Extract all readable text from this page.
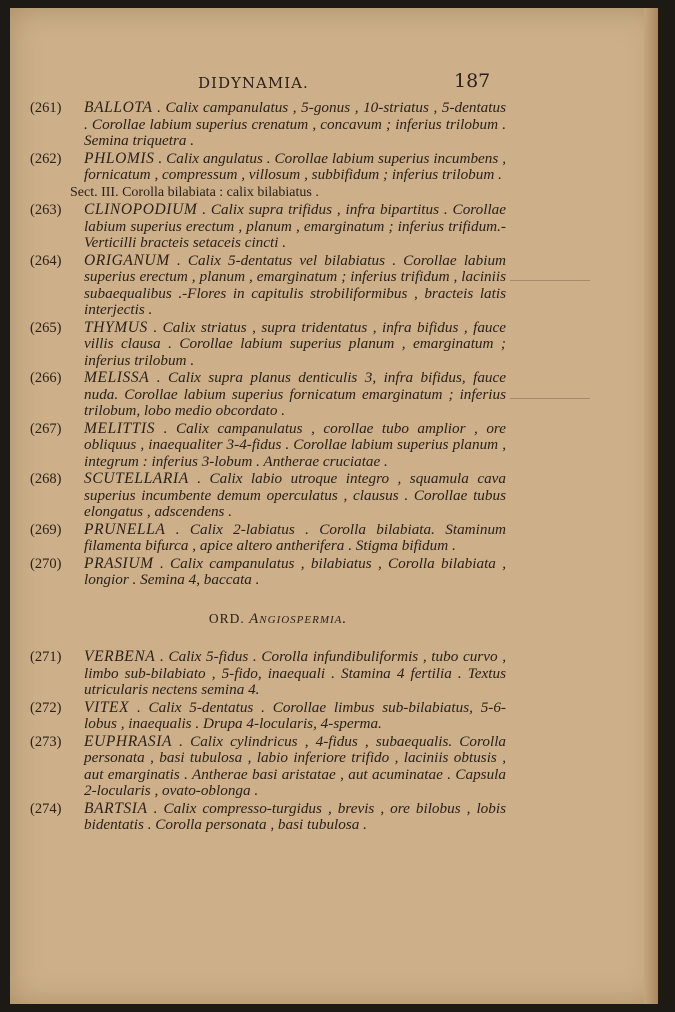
DIDYNAMIA.	187
(261) BALLOTA . Calix campanulatus , 5-gonus , 10-striatus , 5-dentatus . Corollae labium superius crenatum , concavum ; inferius trilobum . Semina triquetra .
(262) PHLOMIS . Calix angulatus . Corollae labium superius incumbens , fornicatum , compressum , villosum , subbifidum ; inferius trilobum .
Sect. III. Corolla bilabiata : calix bilabiatus .
(263) CLINOPODIUM . Calix supra trifidus , infra bipartitus . Corollae labium superius erectum , planum , emarginatum ; inferius trifidum.-Verticilli bracteis setaceis cincti .
(264) ORIGANUM . Calix 5-dentatus vel bilabiatus . Corollae labium superius erectum , planum , emarginatum ; inferius trifidum , laciniis subaequalibus .-Flores in capitulis strobiliformibus , bracteis latis interjectis .
(265) THYMUS . Calix striatus , supra tridentatus , infra bifidus , fauce villis clausa . Corollae labium superius planum , emarginatum ; inferius trilobum .
(266) MELISSA . Calix supra planus denticulis 3, infra bifidus, fauce nuda. Corollae labium superius fornicatum emarginatum ; inferius trilobum, lobo medio obcordato .
(267) MELITTIS . Calix campanulatus , corollae tubo amplior , ore obliquus , inaequaliter 3-4-fidus . Corollae labium superius planum , integrum : inferius 3-lobum . Antherae cruciatae .
(268) SCUTELLARIA . Calix labio utroque integro , squamula cava superius incumbente demum operculatus , clausus . Corollae tubus elongatus , adscendens .
(269) PRUNELLA . Calix 2-labiatus . Corolla bilabiata. Staminum filamenta bifurca , apice altero antherifera . Stigma bifidum .
(270) PRASIUM . Calix campanulatus , bilabiatus , Corolla bilabiata , longior . Semina 4, baccata .
ORD. Angiospermia.
(271) VERBENA . Calix 5-fidus . Corolla infundibuliformis , tubo curvo , limbo sub-bilabiato , 5-fido, inaequali . Stamina 4 fertilia . Textus utricularis nectens semina 4.
(272) VITEX . Calix 5-dentatus . Corollae limbus sub-bilabiatus, 5-6-lobus , inaequalis . Drupa 4-locularis, 4-sperma.
(273) EUPHRASIA . Calix cylindricus , 4-fidus , subaequalis. Corolla personata , basi tubulosa , labio inferiore trifido , laciniis obtusis , aut emarginatis . Antherae basi aristatae , aut acuminatae . Capsula 2-locularis , ovato-oblonga .
(274) BARTSIA . Calix compresso-turgidus , brevis , ore bilobus , lobis bidentatis . Corolla personata , basi tubulosa .
